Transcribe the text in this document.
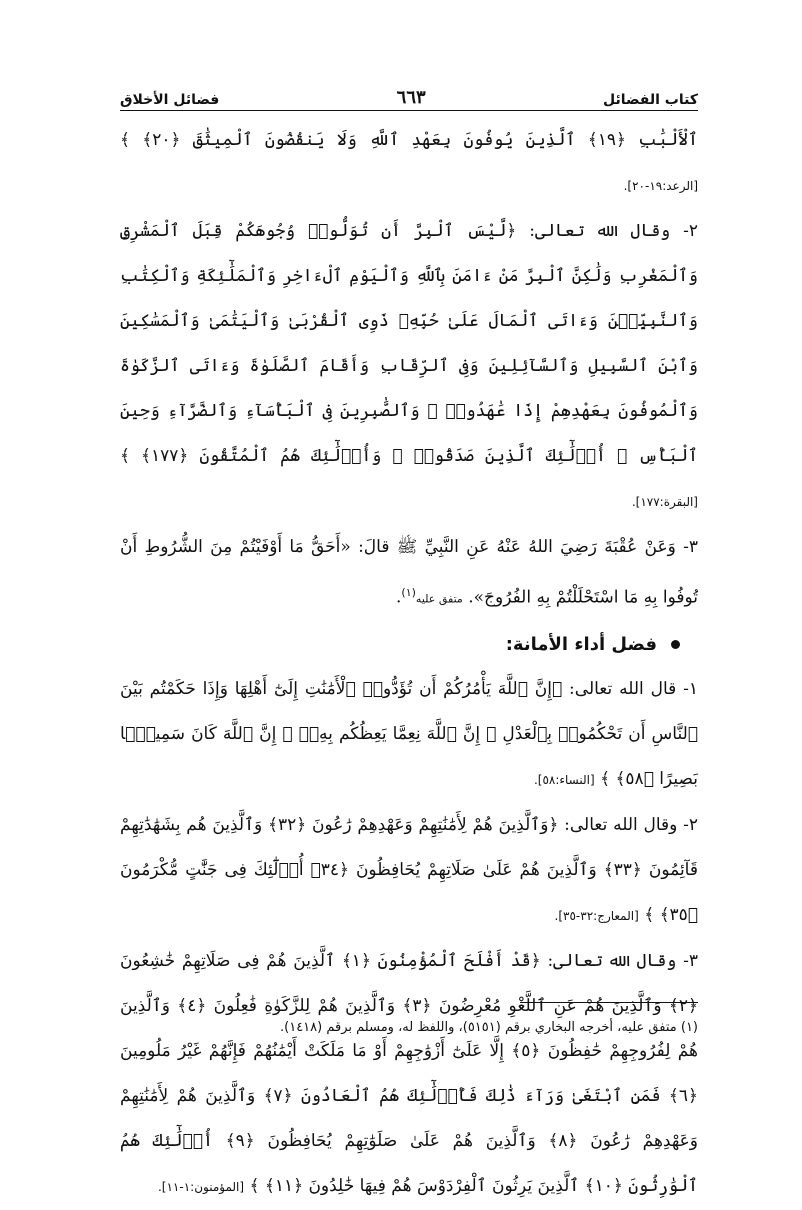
كتاب الفضائل
٦٦٣
فضائل الأخلاق

ٱلْأَلْبَٰبِ ﴿١٩﴾ ٱلَّذِينَ يُوفُونَ بِعَهْدِ ٱللَّهِ وَلَا يَنقُضُونَ ٱلْمِيثَٰقَ ﴿٢٠﴾ ﴾ [الرعد:١٩-٢٠].

٢- وقال الله تعالى: ﴿لَّيْسَ ٱلْبِرَّ أَن تُوَلُّوا۟ وُجُوهَكُمْ قِبَلَ ٱلْمَشْرِقِ وَٱلْمَغْرِبِ وَلَٰكِنَّ ٱلْبِرَّ مَنْ ءَامَنَ بِٱللَّهِ وَٱلْيَوْمِ ٱلْءَاخِرِ وَٱلْمَلَٰٓئِكَةِ وَٱلْكِتَٰبِ وَٱلنَّبِيِّـۧنَ وَءَاتَى ٱلْمَالَ عَلَىٰ حُبِّهِۦ ذَوِى ٱلْقُرْبَىٰ وَٱلْيَتَٰمَىٰ وَٱلْمَسَٰكِينَ وَٱبْنَ ٱلسَّبِيلِ وَٱلسَّآئِلِينَ وَفِى ٱلرِّقَابِ وَأَقَامَ ٱلصَّلَوٰةَ وَءَاتَى ٱلزَّكَوٰةَ وَٱلْمُوفُونَ بِعَهْدِهِمْ إِذَا عَٰهَدُوا۟ ۖ وَٱلصَّٰبِرِينَ فِى ٱلْبَأْسَآءِ وَٱلضَّرَّآءِ وَحِينَ ٱلْبَأْسِ ۗ أُو۟لَٰٓئِكَ ٱلَّذِينَ صَدَقُوا۟ ۖ وَأُو۟لَٰٓئِكَ هُمُ ٱلْمُتَّقُونَ ﴿١٧٧﴾ ﴾ [البقرة:١٧٧].

٣- وَعَنْ عُقْبَةَ رَضِيَ اللهُ عَنْهُ عَنِ النَّبِيِّ ﷺ قالَ: «أَحَقُّ مَا أَوْفَيْتُمْ مِنَ الشُّرُوطِ أَنْ تُوفُوا بِهِ مَا اسْتَحْلَلْتُمْ بِهِ الفُرُوجَ». متفق عليه$^{(١)}$.

فضل أداء الأمانة:

١- قال الله تعالى: ﴿إِنَّ ٱللَّهَ يَأْمُرُكُمْ أَن تُؤَدُّوا۟ ٱلْأَمَٰنَٰتِ إِلَىٰٓ أَهْلِهَا وَإِذَا حَكَمْتُم بَيْنَ ٱلنَّاسِ أَن تَحْكُمُوا۟ بِٱلْعَدْلِ ۚ إِنَّ ٱللَّهَ نِعِمَّا يَعِظُكُم بِهِۦٓ ۗ إِنَّ ٱللَّهَ كَانَ سَمِيعًۢا بَصِيرًا ﴿٥٨﴾ ﴾ [النساء:٥٨].

٢- وقال الله تعالى: ﴿وَٱلَّذِينَ هُمْ لِأَمَٰنَٰتِهِمْ وَعَهْدِهِمْ رَٰعُونَ ﴿٣٢﴾ وَٱلَّذِينَ هُم بِشَهَٰدَٰتِهِمْ قَآئِمُونَ ﴿٣٣﴾ وَٱلَّذِينَ هُمْ عَلَىٰ صَلَاتِهِمْ يُحَافِظُونَ ﴿٣٤﴾ أُو۟لَٰٓئِكَ فِى جَنَّٰتٍ مُّكْرَمُونَ ﴿٣٥﴾ ﴾ [المعارج:٣٢-٣٥].

٣- وقال الله تعالى: ﴿قَدْ أَفْلَحَ ٱلْمُؤْمِنُونَ ﴿١﴾ ٱلَّذِينَ هُمْ فِى صَلَاتِهِمْ خَٰشِعُونَ ﴿٢﴾ وَٱلَّذِينَ هُمْ عَنِ ٱللَّغْوِ مُعْرِضُونَ ﴿٣﴾ وَٱلَّذِينَ هُمْ لِلزَّكَوٰةِ فَٰعِلُونَ ﴿٤﴾ وَٱلَّذِينَ هُمْ لِفُرُوجِهِمْ حَٰفِظُونَ ﴿٥﴾ إِلَّا عَلَىٰٓ أَزْوَٰجِهِمْ أَوْ مَا مَلَكَتْ أَيْمَٰنُهُمْ فَإِنَّهُمْ غَيْرُ مَلُومِينَ ﴿٦﴾ فَمَنِ ٱبْتَغَىٰ وَرَآءَ ذَٰلِكَ فَأُو۟لَٰٓئِكَ هُمُ ٱلْعَادُونَ ﴿٧﴾ وَٱلَّذِينَ هُمْ لِأَمَٰنَٰتِهِمْ وَعَهْدِهِمْ رَٰعُونَ ﴿٨﴾ وَٱلَّذِينَ هُمْ عَلَىٰ صَلَوَٰتِهِمْ يُحَافِظُونَ ﴿٩﴾ أُو۟لَٰٓئِكَ هُمُ ٱلْوَٰرِثُونَ ﴿١٠﴾ ٱلَّذِينَ يَرِثُونَ ٱلْفِرْدَوْسَ هُمْ فِيهَا خَٰلِدُونَ ﴿١١﴾ ﴾ [المؤمنون:١-١١].

(١) متفق عليه، أخرجه البخاري برقم (٥١٥١)، واللفظ له، ومسلم برقم (١٤١٨).
